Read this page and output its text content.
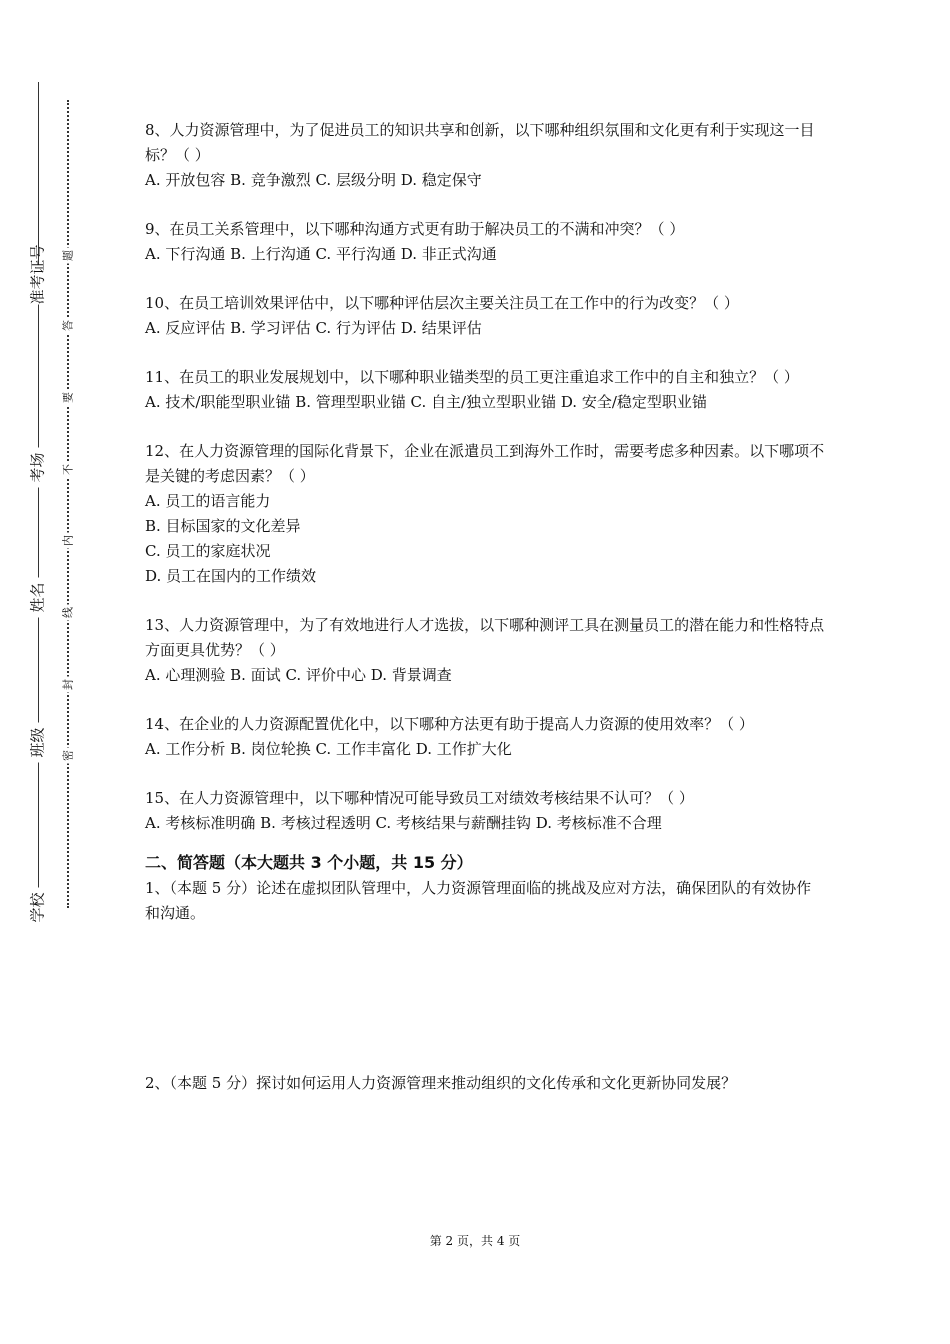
准考证号
考场
姓名
班级
学校
题
答
要
不
内
线
封
密

8、人力资源管理中，为了促进员工的知识共享和创新，以下哪种组织氛围和文化更有利于实现这一目标？（ ）

A. 开放包容 B. 竞争激烈 C. 层级分明 D. 稳定保守

9、在员工关系管理中，以下哪种沟通方式更有助于解决员工的不满和冲突？（ ）

A. 下行沟通 B. 上行沟通 C. 平行沟通 D. 非正式沟通

10、在员工培训效果评估中，以下哪种评估层次主要关注员工在工作中的行为改变？（ ）

A. 反应评估 B. 学习评估 C. 行为评估 D. 结果评估

11、在员工的职业发展规划中，以下哪种职业锚类型的员工更注重追求工作中的自主和独立？（ ）

A. 技术/职能型职业锚 B. 管理型职业锚 C. 自主/独立型职业锚 D. 安全/稳定型职业锚

12、在人力资源管理的国际化背景下，企业在派遣员工到海外工作时，需要考虑多种因素。以下哪项不是关键的考虑因素？（ ）

A. 员工的语言能力

B. 目标国家的文化差异

C. 员工的家庭状况

D. 员工在国内的工作绩效

13、人力资源管理中，为了有效地进行人才选拔，以下哪种测评工具在测量员工的潜在能力和性格特点方面更具优势？（ ）

A. 心理测验 B. 面试 C. 评价中心 D. 背景调查

14、在企业的人力资源配置优化中，以下哪种方法更有助于提高人力资源的使用效率？（ ）

A. 工作分析 B. 岗位轮换 C. 工作丰富化 D. 工作扩大化

15、在人力资源管理中，以下哪种情况可能导致员工对绩效考核结果不认可？（ ）

A. 考核标准明确 B. 考核过程透明 C. 考核结果与薪酬挂钩 D. 考核标准不合理

二、简答题（本大题共 3 个小题，共 15 分）

1、（本题 5 分）论述在虚拟团队管理中，人力资源管理面临的挑战及应对方法，确保团队的有效协作和沟通。

2、（本题 5 分）探讨如何运用人力资源管理来推动组织的文化传承和文化更新协同发展？

第 2 页，共 4 页
